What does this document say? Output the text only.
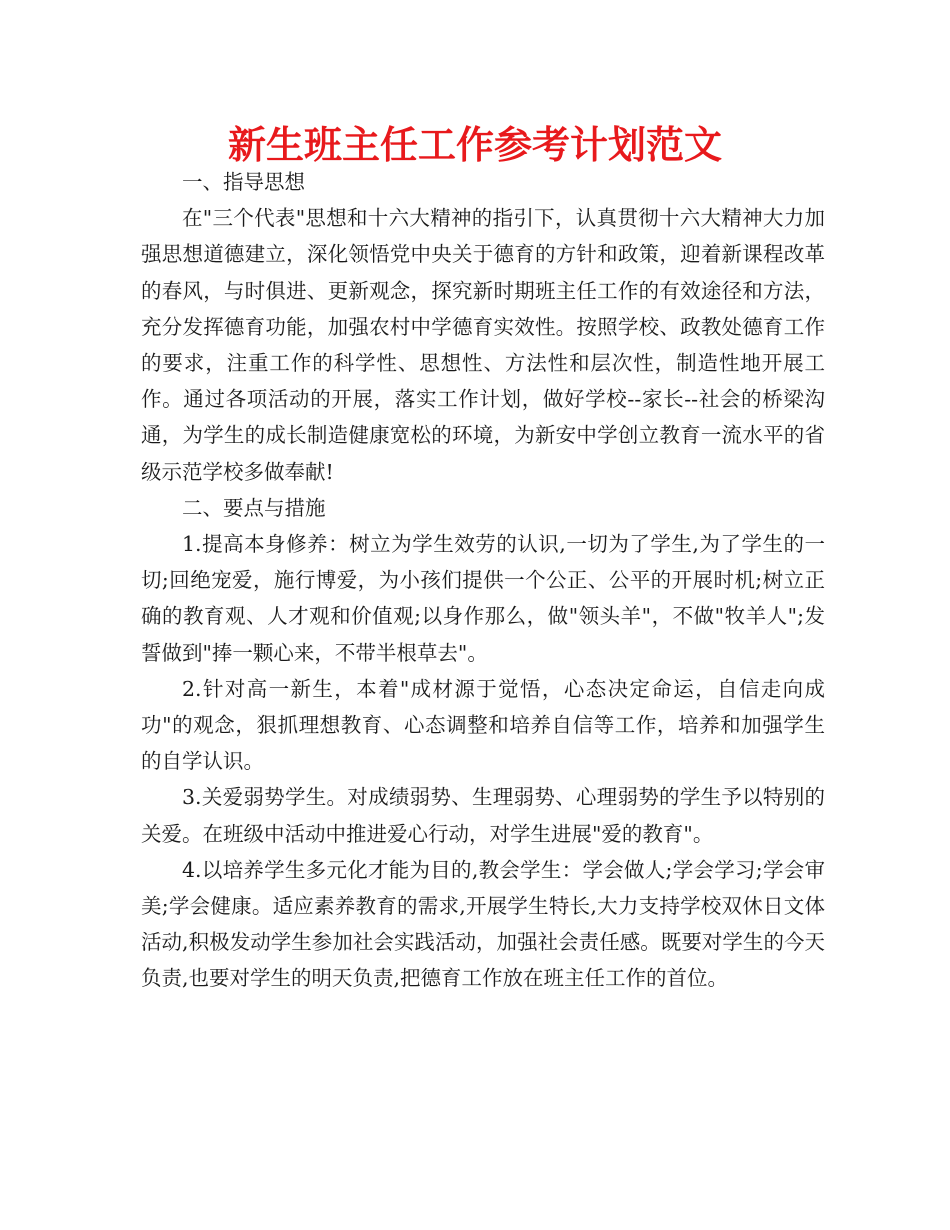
新生班主任工作参考计划范文

一、指导思想

在"三个代表"思想和十六大精神的指引下，认真贯彻十六大精神大力加强思想道德建立，深化领悟党中央关于德育的方针和政策，迎着新课程改革的春风，与时俱进、更新观念，探究新时期班主任工作的有效途径和方法，充分发挥德育功能，加强农村中学德育实效性。按照学校、政教处德育工作的要求，注重工作的科学性、思想性、方法性和层次性，制造性地开展工作。通过各项活动的开展，落实工作计划，做好学校--家长--社会的桥梁沟通，为学生的成长制造健康宽松的环境，为新安中学创立教育一流水平的省级示范学校多做奉献!

二、要点与措施

1.提高本身修养：树立为学生效劳的认识,一切为了学生,为了学生的一切;回绝宠爱，施行博爱，为小孩们提供一个公正、公平的开展时机;树立正确的教育观、人才观和价值观;以身作那么，做"领头羊"，不做"牧羊人";发誓做到"捧一颗心来，不带半根草去"。

2.针对高一新生，本着"成材源于觉悟，心态决定命运，自信走向成功"的观念，狠抓理想教育、心态调整和培养自信等工作，培养和加强学生的自学认识。

3.关爱弱势学生。对成绩弱势、生理弱势、心理弱势的学生予以特别的关爱。在班级中活动中推进爱心行动，对学生进展"爱的教育"。

4.以培养学生多元化才能为目的,教会学生：学会做人;学会学习;学会审美;学会健康。适应素养教育的需求,开展学生特长,大力支持学校双休日文体活动,积极发动学生参加社会实践活动，加强社会责任感。既要对学生的今天负责,也要对学生的明天负责,把德育工作放在班主任工作的首位。
